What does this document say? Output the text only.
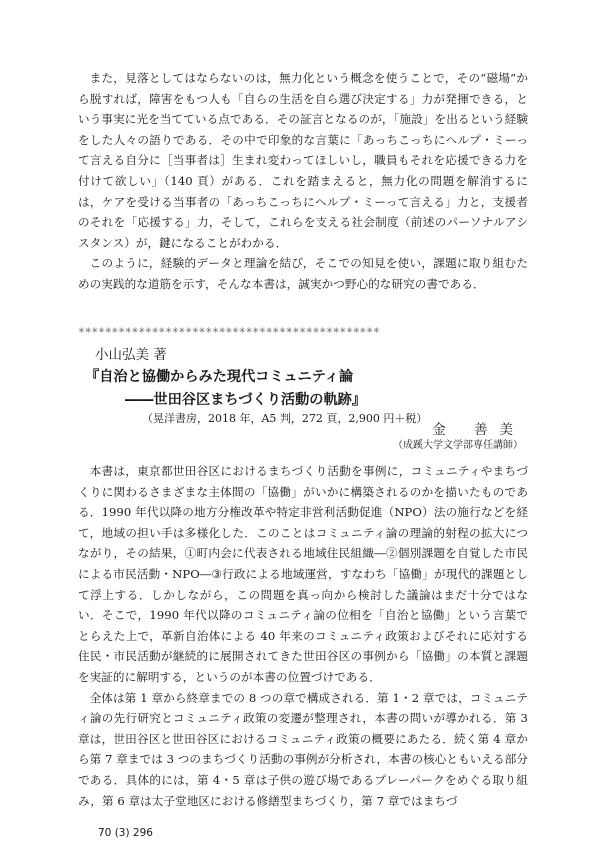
また，見落としてはならないのは，無力化という概念を使うことで，その“磁場”から脱すれば，障害をもつ人も「自らの生活を自ら選び決定する」力が発揮できる，という事実に光を当てている点である．その証言となるのが，「施設」を出るという経験をした人々の語りである．その中で印象的な言葉に「あっちこっちにヘルプ・ミーって言える自分に［当事者は］生まれ変わってほしいし，職員もそれを応援できる力を付けて欲しい」（140 頁）がある．これを踏まえると，無力化の問題を解消するには，ケアを受ける当事者の「あっちこっちにヘルプ・ミーって言える」力と，支援者のそれを「応援する」力，そして，これらを支える社会制度（前述のパーソナルアシスタンス）が，鍵になることがわかる．

このように，経験的データと理論を結び，そこでの知見を使い，課題に取り組むための実践的な道筋を示す，そんな本書は，誠実かつ野心的な研究の書である．

✳✳✳✳✳✳✳✳✳✳✳✳✳✳✳✳✳✳✳✳✳✳✳✳✳✳✳✳✳✳✳✳✳✳✳✳✳✳✳✳✳✳✳✳✳
小山弘美 著
『自治と協働からみた現代コミュニティ論
――世田谷区まちづくり活動の軌跡』
（晃洋書房，2018 年，A5 判，272 頁，2,900 円＋税）
金 善美
（成蹊大学文学部専任講師）

本書は，東京都世田谷区におけるまちづくり活動を事例に，コミュニティやまちづくりに関わるさまざまな主体間の「協働」がいかに構築されるのかを描いたものである．1990 年代以降の地方分権改革や特定非営利活動促進（NPO）法の施行などを経て，地域の担い手は多様化した．このことはコミュニティ論の理論的射程の拡大につながり，その結果，①町内会に代表される地域住民組織―②個別課題を自覚した市民による市民活動・NPO―③行政による地域運営，すなわち「協働」が現代的課題として浮上する．しかしながら，この問題を真っ向から検討した議論はまだ十分ではない．そこで，1990 年代以降のコミュニティ論の位相を「自治と協働」という言葉でとらえた上で，革新自治体による 40 年来のコミュニティ政策およびそれに応対する住民・市民活動が継続的に展開されてきた世田谷区の事例から「協働」の本質と課題を実証的に解明する，というのが本書の位置づけである．

全体は第 1 章から終章までの 8 つの章で構成される．第 1・2 章では，コミュニティ論の先行研究とコミュニティ政策の変遷が整理され，本書の問いが導かれる．第 3 章は，世田谷区と世田谷区におけるコミュニティ政策の概要にあたる．続く第 4 章から第 7 章までは 3 つのまちづくり活動の事例が分析され，本書の核心ともいえる部分である．具体的には，第 4・5 章は子供の遊び場であるプレーパークをめぐる取り組み，第 6 章は太子堂地区における修繕型まちづくり，第 7 章ではまちづ

70 (3) 296
